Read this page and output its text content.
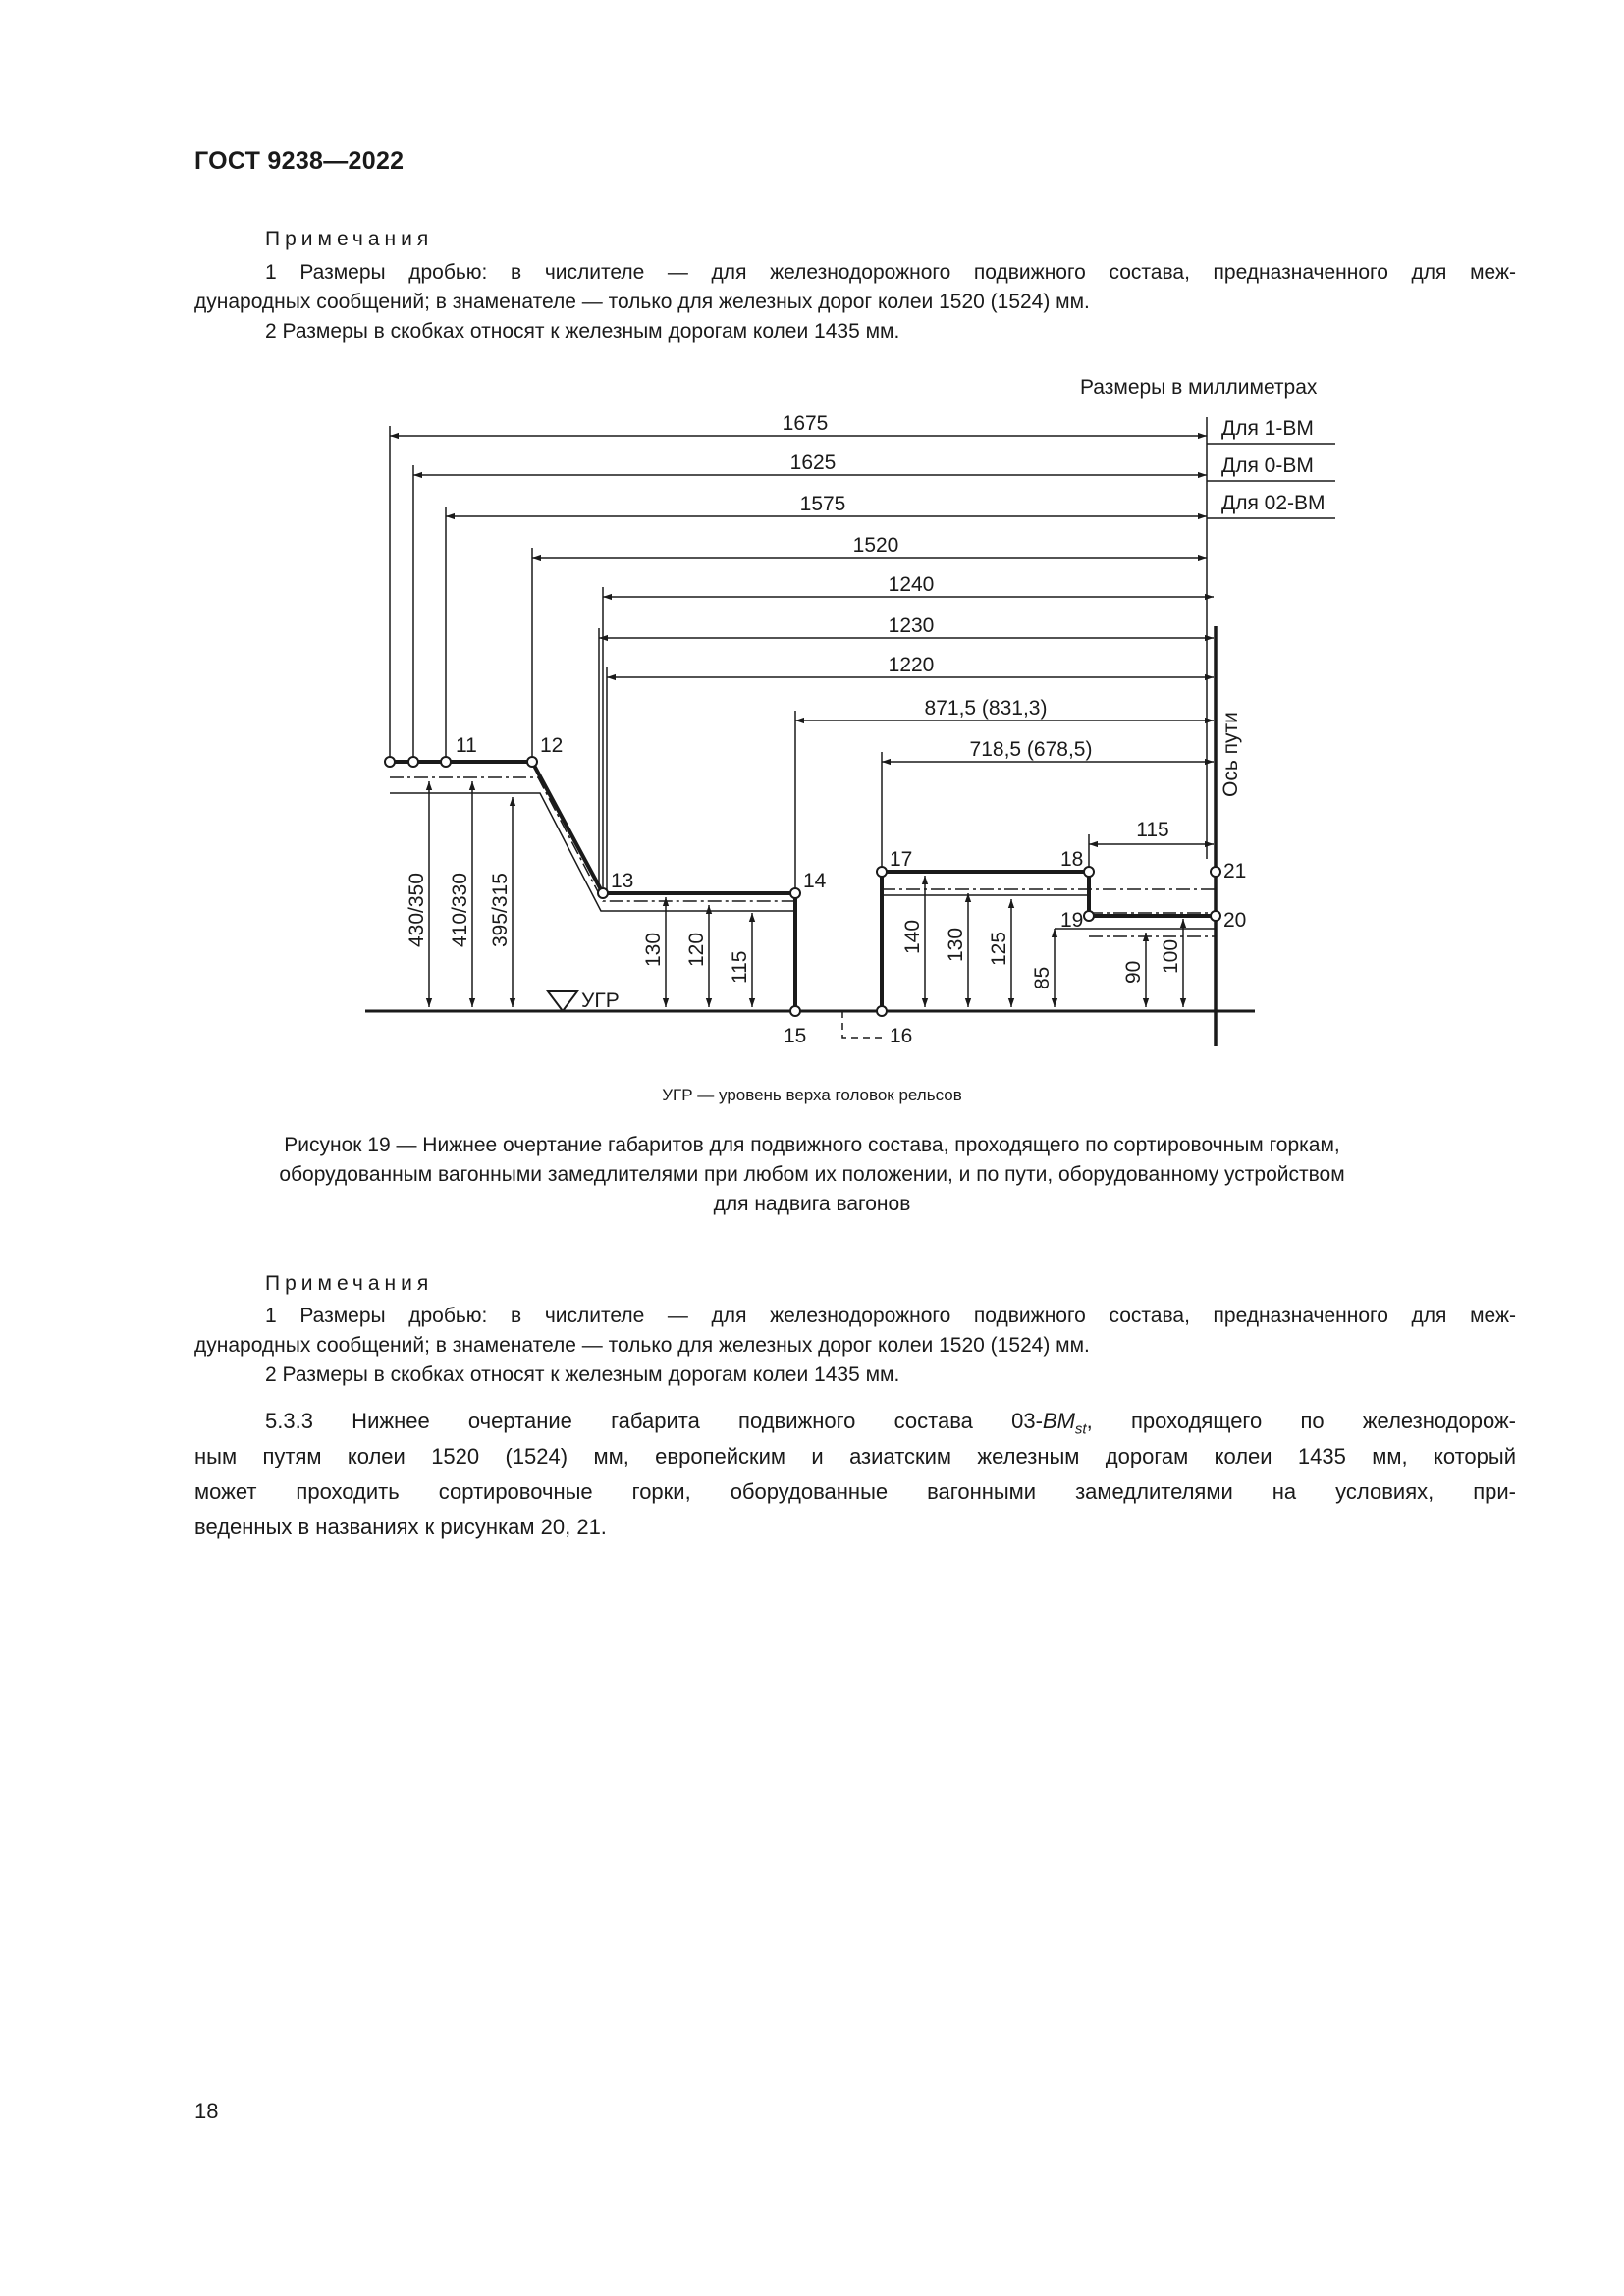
ГОСТ 9238—2022
Примечания
1 Размеры дробью: в числителе — для железнодорожного подвижного состава, предназначенного для меж-
дународных сообщений; в знаменателе — только для железных дорог колеи 1520 (1524) мм.
2 Размеры в скобках относят к железным дорогам колеи 1435 мм.
Размеры в миллиметрах
1675
1625
1575
1520
1240
1230
1220
871,5 (831,3)
718,5 (678,5)
115
Для 1-ВМ
Для 0-ВМ
Для 02-ВМ
Ось пути
11	12
13	14
15	16
17	18
19	20
21
430/350 410/330 395/315
130 120
115
140 130 125
85	90 100
УГР
УГР — уровень верха головок рельсов
Рисунок 19 — Нижнее очертание габаритов для подвижного состава, проходящего по сортировочным горкам,
оборудованным вагонными замедлителями при любом их положении, и по пути, оборудованному устройством
для надвига вагонов
Примечания
1 Размеры дробью: в числителе — для железнодорожного подвижного состава, предназначенного для меж-
дународных сообщений; в знаменателе — только для железных дорог колеи 1520 (1524) мм.
2 Размеры в скобках относят к железным дорогам колеи 1435 мм.
5.3.3 Нижнее очертание габарита подвижного состава $03-ВМ_{st}$, проходящего по железнодорож-
ным путям колеи 1520 (1524) мм, европейским и азиатским железным дорогам колеи 1435 мм, который
может проходить сортировочные горки, оборудованные вагонными замедлителями на условиях, при-
веденных в названиях к рисункам 20, 21.
18
